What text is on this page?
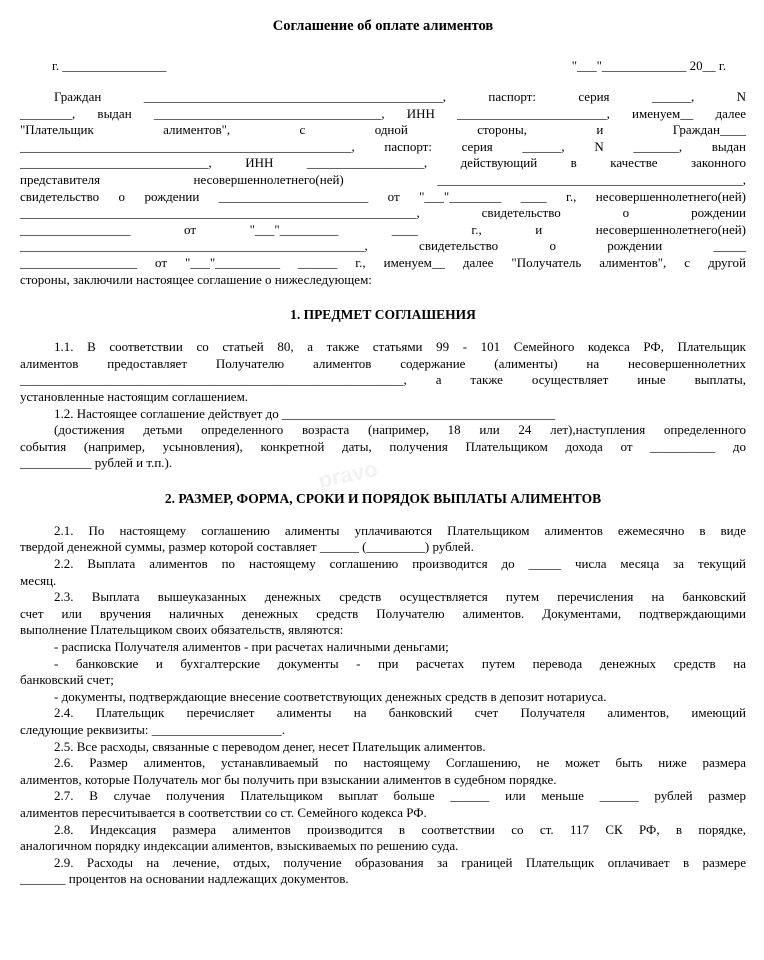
Соглашение об оплате алиментов
г. ________________	"___"_____________ 20__ г.

Граждан ______________________________________________, паспорт: серия ______, N

________, выдан ___________________________________, ИНН _______________________, именуем__ далее

"Плательщик алиментов", с одной стороны, и Граждан____

___________________________________________________, паспорт: серия ______, N _______, выдан

_____________________________, ИНН __________________, действующий в качестве законного

представителя несовершеннолетнего(ней) _______________________________________________,

свидетельство о рождении _______________________ от "___"________ ____ г., несовершеннолетнего(ней)

_____________________________________________________________, свидетельство о рождении

_________________ от "___"_________ ____ г., и несовершеннолетнего(ней)

_____________________________________________________, свидетельство о рождении _____

__________________ от "___"__________ ______ г., именуем__ далее "Получатель алиментов", с другой

стороны, заключили настоящее соглашение о нижеследующем:

1. ПРЕДМЕТ СОГЛАШЕНИЯ

1.1. В соответствии со статьей 80, а также статьями 99 - 101 Семейного кодекса РФ, Плательщик

алиментов предоставляет Получателю алиментов содержание (алименты) на несовершеннолетних

___________________________________________________________, а также осуществляет иные выплаты,

установленные настоящим соглашением.

1.2. Настоящее соглашение действует до __________________________________________

(достижения детьми определенного возраста (например, 18 или 24 лет),наступления определенного

события (например, усыновления), конкретной даты, получения Плательщиком дохода от __________ до

___________ рублей и т.п.).

2. РАЗМЕР, ФОРМА, СРОКИ И ПОРЯДОК ВЫПЛАТЫ АЛИМЕНТОВ

2.1. По настоящему соглашению алименты уплачиваются Плательщиком алиментов ежемесячно в виде

твердой денежной суммы, размер которой составляет ______ (_________) рублей.

2.2. Выплата алиментов по настоящему соглашению производится до _____ числа месяца за текущий

месяц.

2.3. Выплата вышеуказанных денежных средств осуществляется путем перечисления на банковский

счет или вручения наличных денежных средств Получателю алиментов. Документами, подтверждающими

выполнение Плательщиком своих обязательств, являются:

- расписка Получателя алиментов - при расчетах наличными деньгами;

- банковские и бухгалтерские документы - при расчетах путем перевода денежных средств на

банковский счет;

- документы, подтверждающие внесение соответствующих денежных средств в депозит нотариуса.

2.4. Плательщик перечисляет алименты на банковский счет Получателя алиментов, имеющий

следующие реквизиты: ____________________.

2.5. Все расходы, связанные с переводом денег, несет Плательщик алиментов.

2.6. Размер алиментов, устанавливаемый по настоящему Соглашению, не может быть ниже размера

алиментов, которые Получатель мог бы получить при взыскании алиментов в судебном порядке.

2.7. В случае получения Плательщиком выплат больше ______ или меньше ______ рублей размер

алиментов пересчитывается в соответствии со ст. Семейного кодекса РФ.

2.8. Индексация размера алиментов производится в соответствии со ст. 117 СК РФ, в порядке,

аналогичном порядку индексации алиментов, взыскиваемых по решению суда.

2.9. Расходы на лечение, отдых, получение образования за границей Плательщик оплачивает в размере

_______ процентов на основании надлежащих документов.

pravo
